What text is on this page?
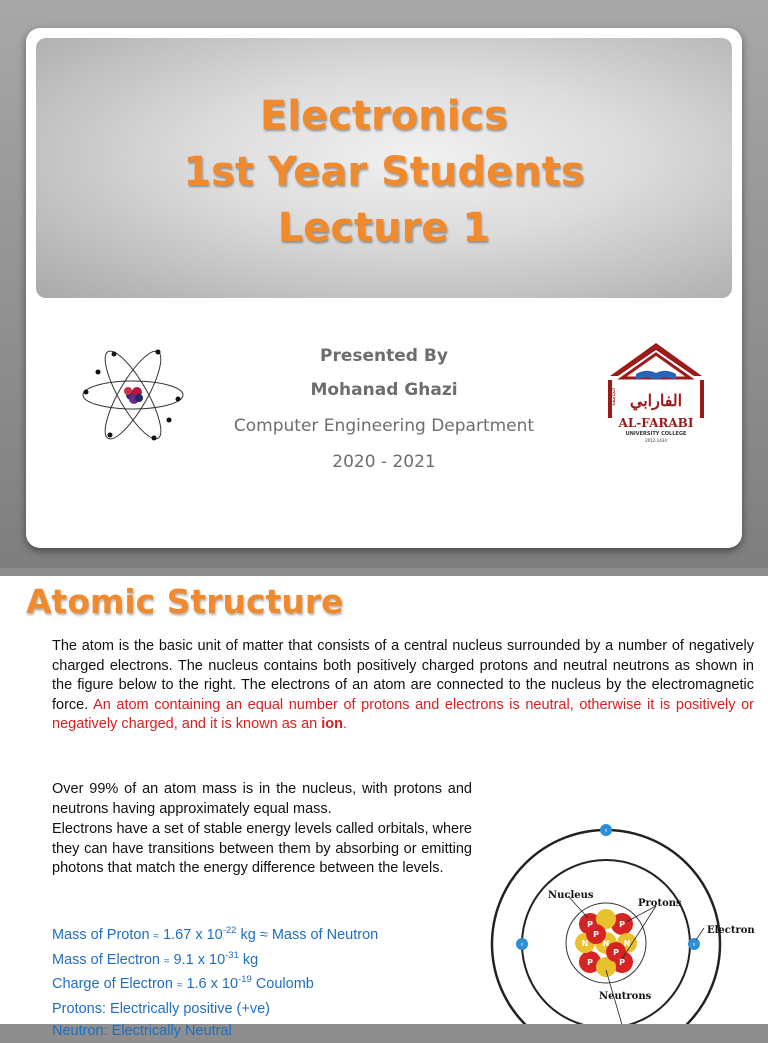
Electronics
1st Year Students
Lecture 1
Presented By
Mohanad Ghazi
Computer Engineering Department
2020 - 2021
الفارابي
الجامعة
AL-FARABI
UNIVERSITY COLLEGE
2012-1434
Atomic Structure
The atom is the basic unit of matter that consists of a central nucleus surrounded by a number of negatively charged electrons. The nucleus contains both positively charged protons and neutral neutrons as shown in the figure below to the right. The electrons of an atom are connected to the nucleus by the electromagnetic force. An atom containing an equal number of protons and electrons is neutral, otherwise it is positively or negatively charged, and it is known as an ion.
Over 99% of an atom mass is in the nucleus, with protons and neutrons having approximately equal mass.
Electrons have a set of stable energy levels called orbitals, where they can have transitions between them by absorbing or emitting photons that match the energy difference between the levels.
Mass of Proton ≈ 1.67 x $10^{-22}$ kg ≈ Mass of Neutron
Mass of Electron ≈ 9.1 x $10^{-31}$ kg
Charge of Electron ≈ 1.6 x $10^{-19}$ Coulomb
Protons: Electrically positive (+ve)
Neutron: Electrically Neutral
P	P
P	P
P
P
N	N
N
e
e	e
Nucleus
Protons
Electron
Neutrons
